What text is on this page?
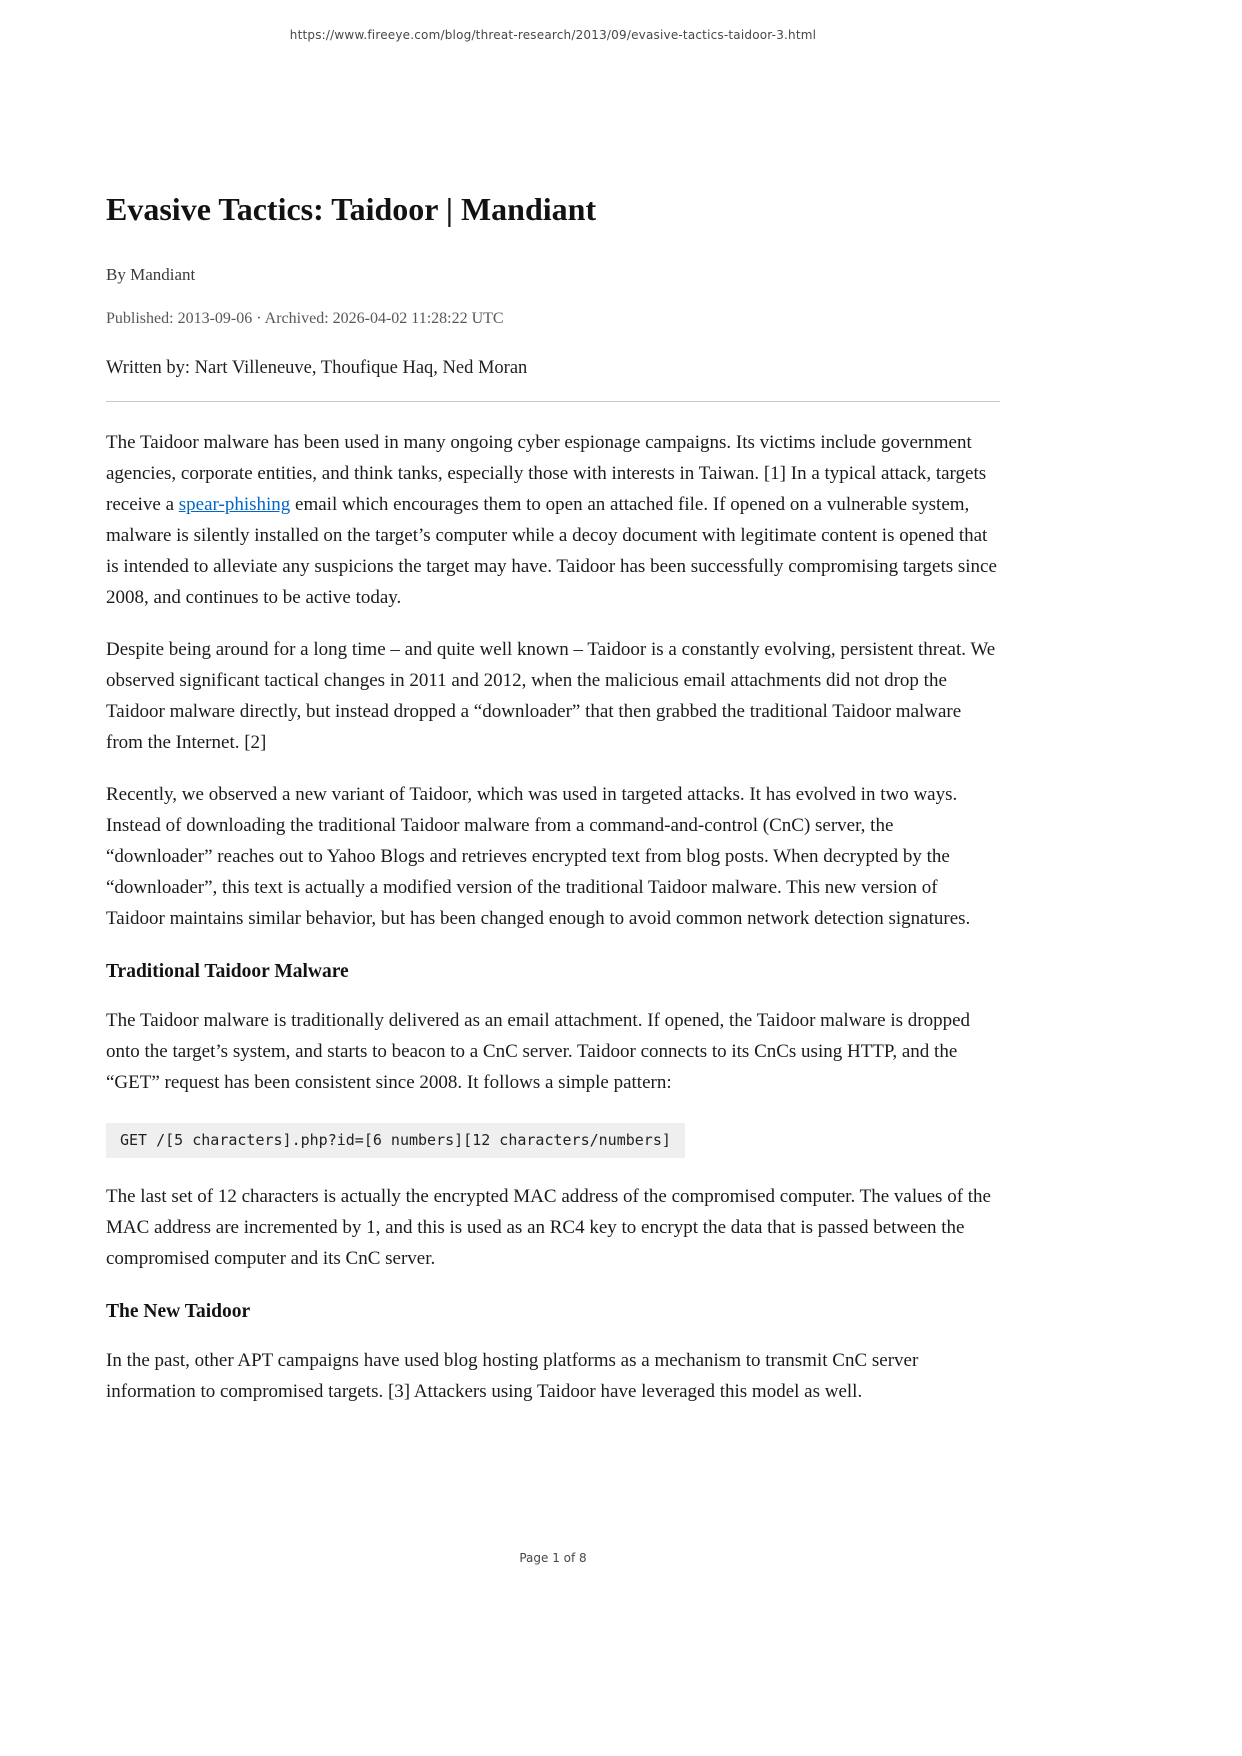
https://www.fireeye.com/blog/threat-research/2013/09/evasive-tactics-taidoor-3.html
Evasive Tactics: Taidoor | Mandiant
By Mandiant
Published: 2013-09-06 · Archived: 2026-04-02 11:28:22 UTC
Written by: Nart Villeneuve, Thoufique Haq, Ned Moran

The Taidoor malware has been used in many ongoing cyber espionage campaigns. Its victims include government agencies, corporate entities, and think tanks, especially those with interests in Taiwan. [1] In a typical attack, targets receive a spear-phishing email which encourages them to open an attached file. If opened on a vulnerable system, malware is silently installed on the target’s computer while a decoy document with legitimate content is opened that is intended to alleviate any suspicions the target may have. Taidoor has been successfully compromising targets since 2008, and continues to be active today.

Despite being around for a long time – and quite well known – Taidoor is a constantly evolving, persistent threat. We observed significant tactical changes in 2011 and 2012, when the malicious email attachments did not drop the Taidoor malware directly, but instead dropped a “downloader” that then grabbed the traditional Taidoor malware from the Internet. [2]

Recently, we observed a new variant of Taidoor, which was used in targeted attacks. It has evolved in two ways. Instead of downloading the traditional Taidoor malware from a command-and-control (CnC) server, the “downloader” reaches out to Yahoo Blogs and retrieves encrypted text from blog posts. When decrypted by the “downloader”, this text is actually a modified version of the traditional Taidoor malware. This new version of Taidoor maintains similar behavior, but has been changed enough to avoid common network detection signatures.

Traditional Taidoor Malware

The Taidoor malware is traditionally delivered as an email attachment. If opened, the Taidoor malware is dropped onto the target’s system, and starts to beacon to a CnC server. Taidoor connects to its CnCs using HTTP, and the “GET” request has been consistent since 2008. It follows a simple pattern:

GET /[5 characters].php?id=[6 numbers][12 characters/numbers]

The last set of 12 characters is actually the encrypted MAC address of the compromised computer. The values of the MAC address are incremented by 1, and this is used as an RC4 key to encrypt the data that is passed between the compromised computer and its CnC server.

The New Taidoor

In the past, other APT campaigns have used blog hosting platforms as a mechanism to transmit CnC server information to compromised targets. [3] Attackers using Taidoor have leveraged this model as well.

Page 1 of 8
